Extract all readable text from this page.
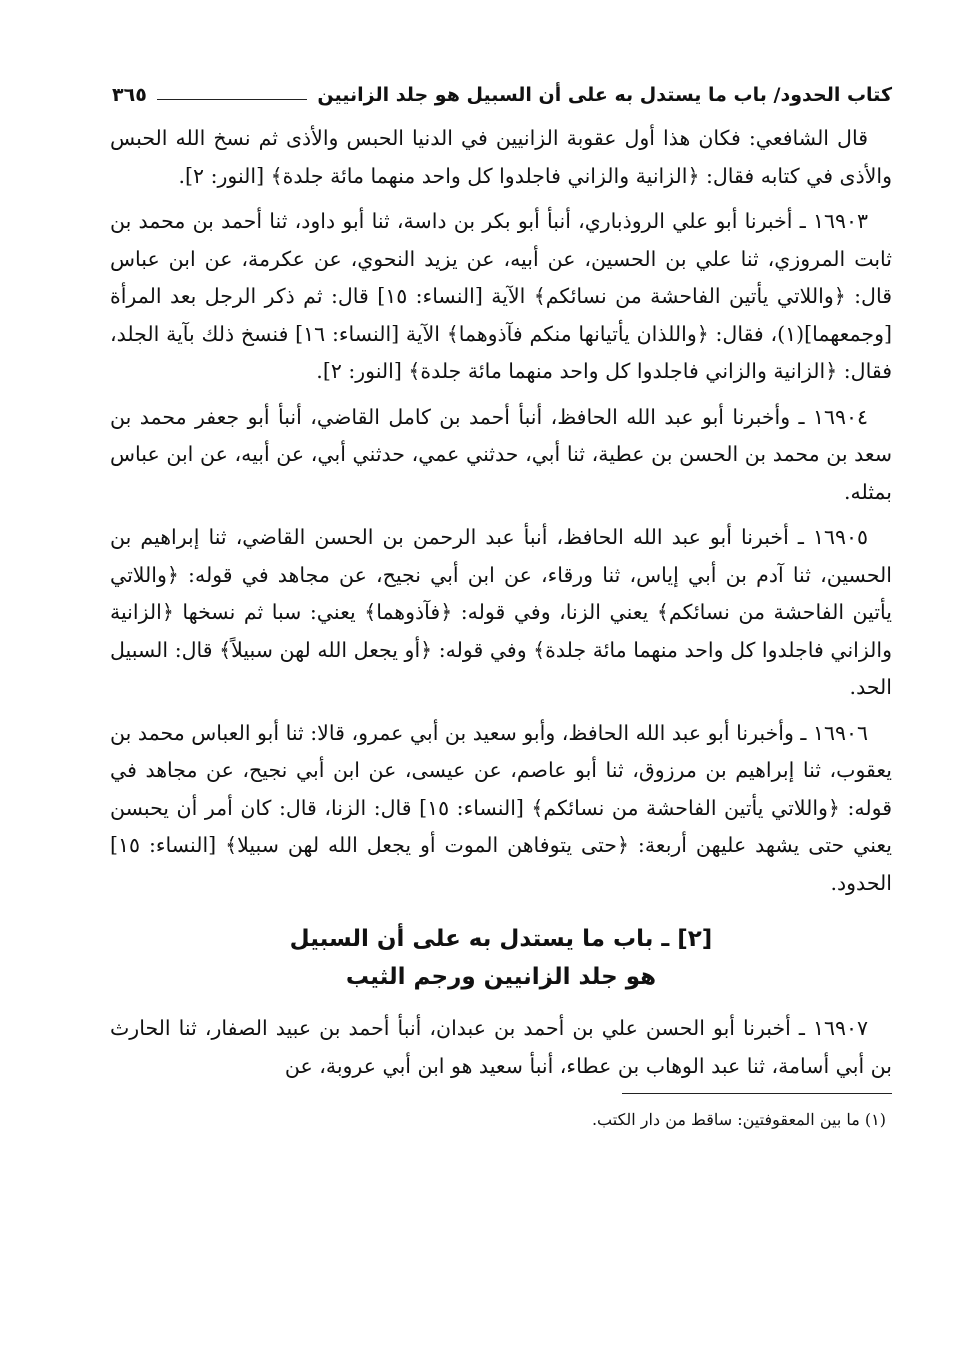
كتاب الحدود/ باب ما يستدل به على أن السبيل هو جلد الزانيين
٣٦٥

قال الشافعي: فكان هذا أول عقوبة الزانيين في الدنيا الحبس والأذى ثم نسخ الله الحبس والأذى في كتابه فقال: ﴿الزانية والزاني فاجلدوا كل واحد منهما مائة جلدة﴾ [النور: ٢].

١٦٩٠٣ ـ أخبرنا أبو علي الروذباري، أنبأ أبو بكر بن داسة، ثنا أبو داود، ثنا أحمد بن محمد بن ثابت المروزي، ثنا علي بن الحسين، عن أبيه، عن يزيد النحوي، عن عكرمة، عن ابن عباس قال: ﴿واللاتي يأتين الفاحشة من نسائكم﴾ الآية [النساء: ١٥] قال: ثم ذكر الرجل بعد المرأة [وجمعهما](١)، فقال: ﴿واللذان يأتيانها منكم فآذوهما﴾ الآية [النساء: ١٦] فنسخ ذلك بآية الجلد، فقال: ﴿الزانية والزاني فاجلدوا كل واحد منهما مائة جلدة﴾ [النور: ٢].

١٦٩٠٤ ـ وأخبرنا أبو عبد الله الحافظ، أنبأ أحمد بن كامل القاضي، أنبأ أبو جعفر محمد بن سعد بن محمد بن الحسن بن عطية، ثنا أبي، حدثني عمي، حدثني أبي، عن أبيه، عن ابن عباس بمثله.

١٦٩٠٥ ـ أخبرنا أبو عبد الله الحافظ، أنبأ عبد الرحمن بن الحسن القاضي، ثنا إبراهيم بن الحسين، ثنا آدم بن أبي إياس، ثنا ورقاء، عن ابن أبي نجيح، عن مجاهد في قوله: ﴿واللاتي يأتين الفاحشة من نسائكم﴾ يعني الزنا، وفي قوله: ﴿فآذوهما﴾ يعني: سبا ثم نسخها ﴿الزانية والزاني فاجلدوا كل واحد منهما مائة جلدة﴾ وفي قوله: ﴿أو يجعل الله لهن سبيلاً﴾ قال: السبيل الحد.

١٦٩٠٦ ـ وأخبرنا أبو عبد الله الحافظ، وأبو سعيد بن أبي عمرو، قالا: ثنا أبو العباس محمد بن يعقوب، ثنا إبراهيم بن مرزوق، ثنا أبو عاصم، عن عيسى، عن ابن أبي نجيح، عن مجاهد في قوله: ﴿واللاتي يأتين الفاحشة من نسائكم﴾ [النساء: ١٥] قال: الزنا، قال: كان أمر أن يحبسن يعني حتى يشهد عليهن أربعة: ﴿حتى يتوفاهن الموت أو يجعل الله لهن سبيلا﴾ [النساء: ١٥] الحدود.

[٢] ـ باب ما يستدل به على أن السبيل
هو جلد الزانيين ورجم الثيب

١٦٩٠٧ ـ أخبرنا أبو الحسن علي بن أحمد بن عبدان، أنبأ أحمد بن عبيد الصفار، ثنا الحارث بن أبي أسامة، ثنا عبد الوهاب بن عطاء، أنبأ سعيد هو ابن أبي عروبة، عن

(١) ما بين المعقوفتين: ساقط من دار الكتب.
